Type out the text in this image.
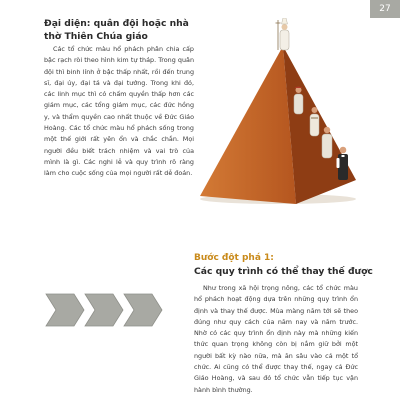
27
Đại diện: quân đội hoặc nhà thờ Thiên Chúa giáo

Các tổ chức màu hổ phách phân chia cấp bậc rạch ròi theo hình kim tự tháp. Trong quân đội thì binh lính ở bậc thấp nhất, rồi đến trung sĩ, đại úy, đại tá và đại tướng. Trong khi đó, các linh mục thì có chấm quyền thấp hơn các giám mục, các tổng giám mục, các đức hồng y, và thẩm quyền cao nhất thuộc về Đức Giáo Hoàng. Các tổ chức màu hổ phách sống trong một thế giới rất yên ổn và chắc chắn. Mọi người đều biết trách nhiệm và vai trò của mình là gì. Các nghi lễ và quy trình rõ ràng làm cho cuộc sống của mọi người rất dễ đoán.

Bước đột phá 1:
Các quy trình có thể thay thế được

Như trong xã hội trọng nông, các tổ chức màu hổ phách hoạt động dựa trên những quy trình ổn định và thay thế được. Mùa màng năm tới sẽ theo đúng như quy cách của năm nay và năm trước. Nhờ có các quy trình ổn định này mà những kiến thức quan trọng không còn bị nắm giữ bởi một người bất kỳ nào nữa, mà ăn sâu vào cả một tổ chức. Ai cũng có thể được thay thế, ngay cả Đức Giáo Hoàng, và sau đó tổ chức vẫn tiếp tục vận hành bình thường.
